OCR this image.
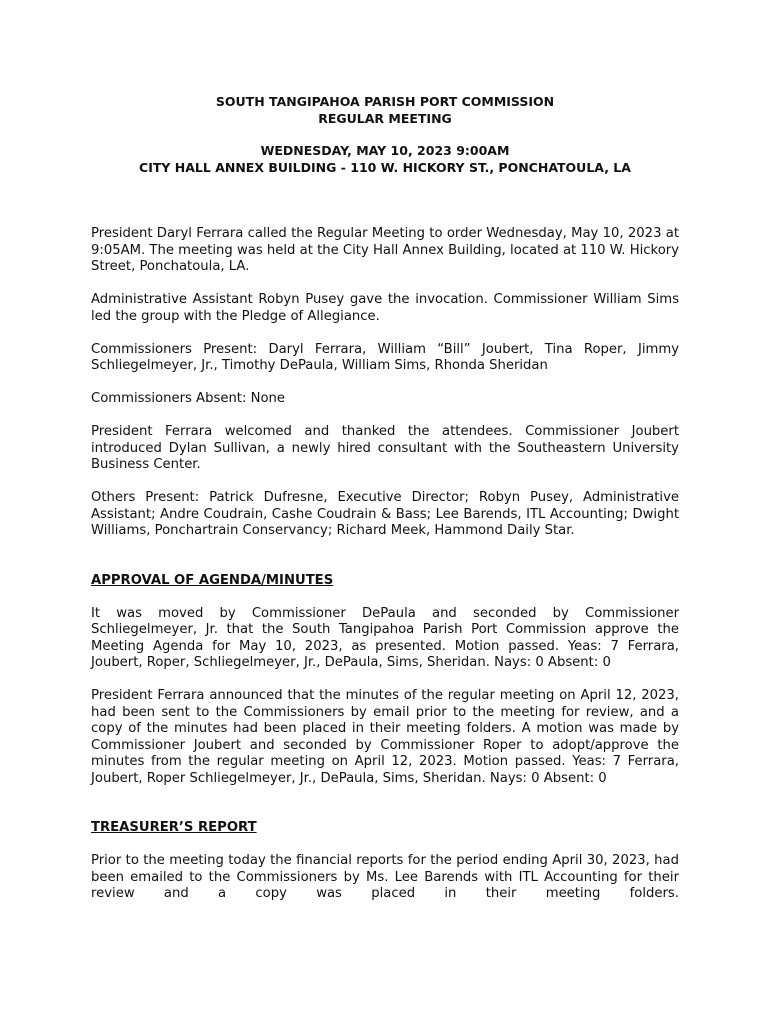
SOUTH TANGIPAHOA PARISH PORT COMMISSION
REGULAR MEETING
WEDNESDAY, MAY 10, 2023 9:00AM
CITY HALL ANNEX BUILDING - 110 W. HICKORY ST., PONCHATOULA, LA

President Daryl Ferrara called the Regular Meeting to order Wednesday, May 10, 2023 at 9:05AM. The meeting was held at the City Hall Annex Building, located at 110 W. Hickory Street, Ponchatoula, LA.

Administrative Assistant Robyn Pusey gave the invocation. Commissioner William Sims led the group with the Pledge of Allegiance.

Commissioners Present: Daryl Ferrara, William “Bill” Joubert, Tina Roper, Jimmy Schliegelmeyer, Jr., Timothy DePaula, William Sims, Rhonda Sheridan

Commissioners Absent: None

President Ferrara welcomed and thanked the attendees. Commissioner Joubert introduced Dylan Sullivan, a newly hired consultant with the Southeastern University Business Center.

Others Present: Patrick Dufresne, Executive Director; Robyn Pusey, Administrative Assistant; Andre Coudrain, Cashe Coudrain & Bass; Lee Barends, ITL Accounting; Dwight Williams, Ponchartrain Conservancy; Richard Meek, Hammond Daily Star.

APPROVAL OF AGENDA/MINUTES

It was moved by Commissioner DePaula and seconded by Commissioner Schliegelmeyer, Jr. that the South Tangipahoa Parish Port Commission approve the Meeting Agenda for May 10, 2023, as presented. Motion passed. Yeas: 7 Ferrara, Joubert, Roper, Schliegelmeyer, Jr., DePaula, Sims, Sheridan. Nays: 0 Absent: 0

President Ferrara announced that the minutes of the regular meeting on April 12, 2023, had been sent to the Commissioners by email prior to the meeting for review, and a copy of the minutes had been placed in their meeting folders. A motion was made by Commissioner Joubert and seconded by Commissioner Roper to adopt/approve the minutes from the regular meeting on April 12, 2023. Motion passed. Yeas: 7 Ferrara, Joubert, Roper Schliegelmeyer, Jr., DePaula, Sims, Sheridan. Nays: 0 Absent: 0

TREASURER’S REPORT

Prior to the meeting today the financial reports for the period ending April 30, 2023, had been emailed to the Commissioners by Ms. Lee Barends with ITL Accounting for their review and a copy was placed in their meeting folders.
